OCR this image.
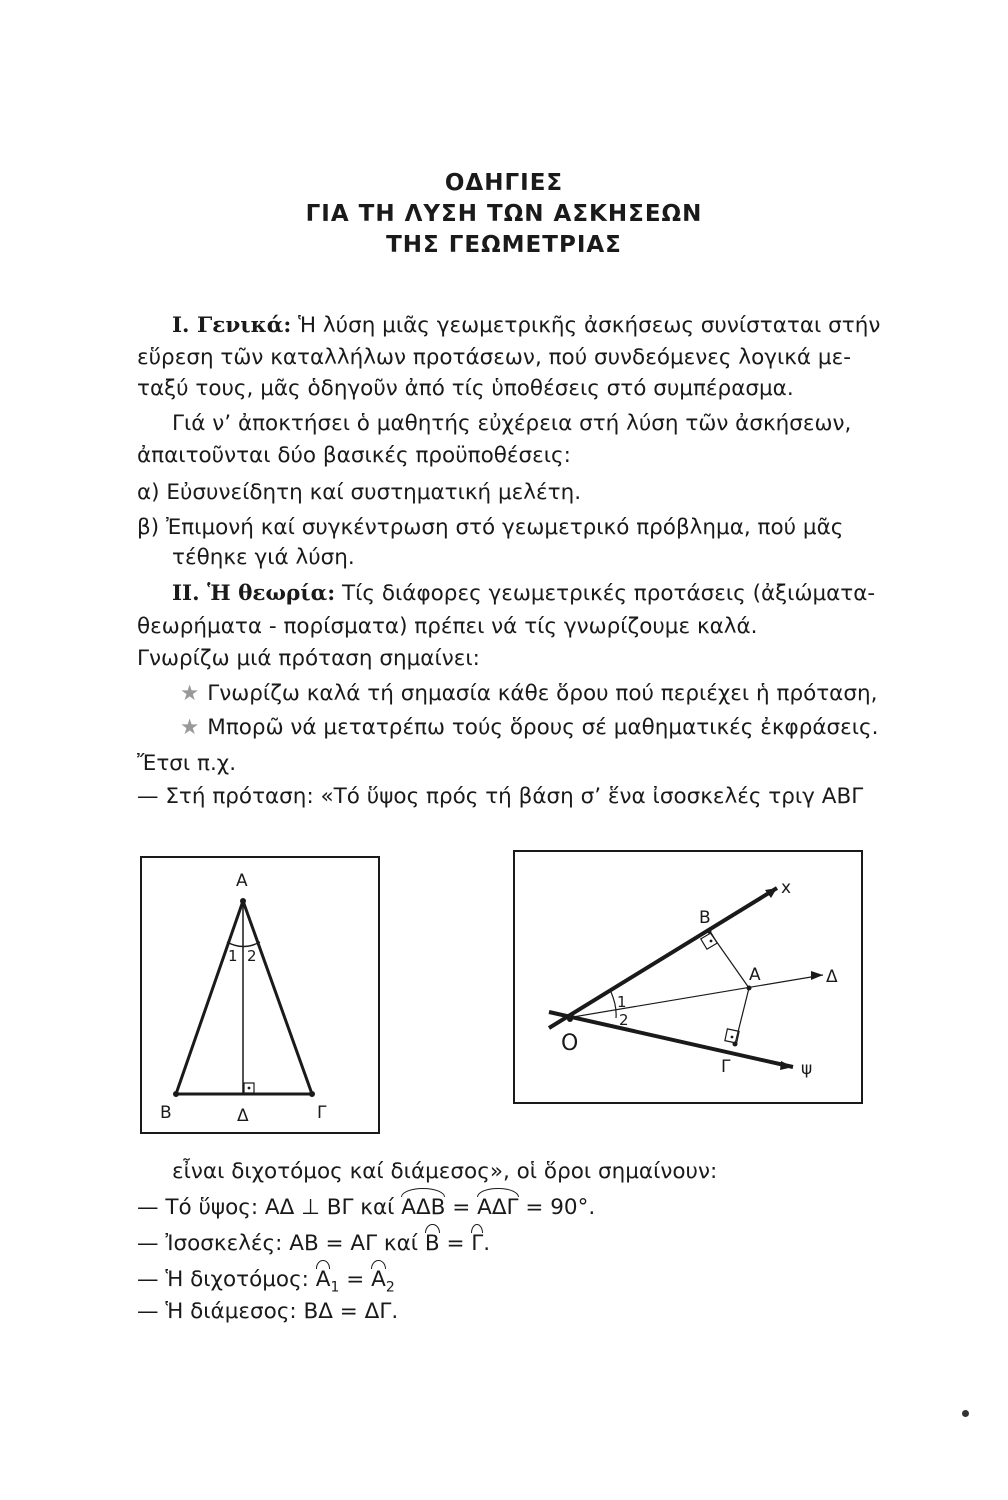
ΟΔΗΓΙΕΣ
ΓΙΑ ΤΗ ΛΥΣΗ ΤΩΝ ΑΣΚΗΣΕΩΝ
ΤΗΣ ΓΕΩΜΕΤΡΙΑΣ
Ι. Γενικά: Ἡ λύση μιᾶς γεωμετρικῆς ἀσκήσεως συνίσταται στήν
εὕρεση τῶν καταλλήλων προτάσεων, πού συνδεόμενες λογικά με-
ταξύ τους, μᾶς ὁδηγοῦν ἀπό τίς ὑποθέσεις στό συμπέρασμα.
Γιά ν’ ἀποκτήσει ὁ μαθητής εὐχέρεια στή λύση τῶν ἀσκήσεων,
ἀπαιτοῦνται δύο βασικές προϋποθέσεις:
α) Εὐσυνείδητη καί συστηματική μελέτη.
β) Ἐπιμονή καί συγκέντρωση στό γεωμετρικό πρόβλημα, πού μᾶς
τέθηκε γιά λύση.
ΙΙ. Ἡ θεωρία: Τίς διάφορες γεωμετρικές προτάσεις (ἀξιώματα-
θεωρήματα - πορίσματα) πρέπει νά τίς γνωρίζουμε καλά.
Γνωρίζω μιά πρόταση σημαίνει:
★ Γνωρίζω καλά τή σημασία κάθε ὅρου πού περιέχει ἡ πρόταση,
★ Μπορῶ νά μετατρέπω τούς ὅρους σέ μαθηματικές ἐκφράσεις.
Ἔτσι π.χ.
— Στή πρόταση: «Τό ὕψος πρός τή βάση σ’ ἕνα ἰσοσκελές τριγ ΑΒΓ
A
B	Δ	Γ
1 2
O
B
A
Γ
x
Δ
ψ
1
2
εἶναι διχοτόμος καί διάμεσος», οἱ ὅροι σημαίνουν:
— Τό ὕψος: ΑΔ ⊥ ΒΓ καί ΑΔΒ = ΑΔΓ = 90°.
— Ἰσοσκελές: ΑΒ = ΑΓ καί Β = Γ.
— Ἡ διχοτόμος: $A_1 = A_2$
— Ἡ διάμεσος: ΒΔ = ΔΓ.
